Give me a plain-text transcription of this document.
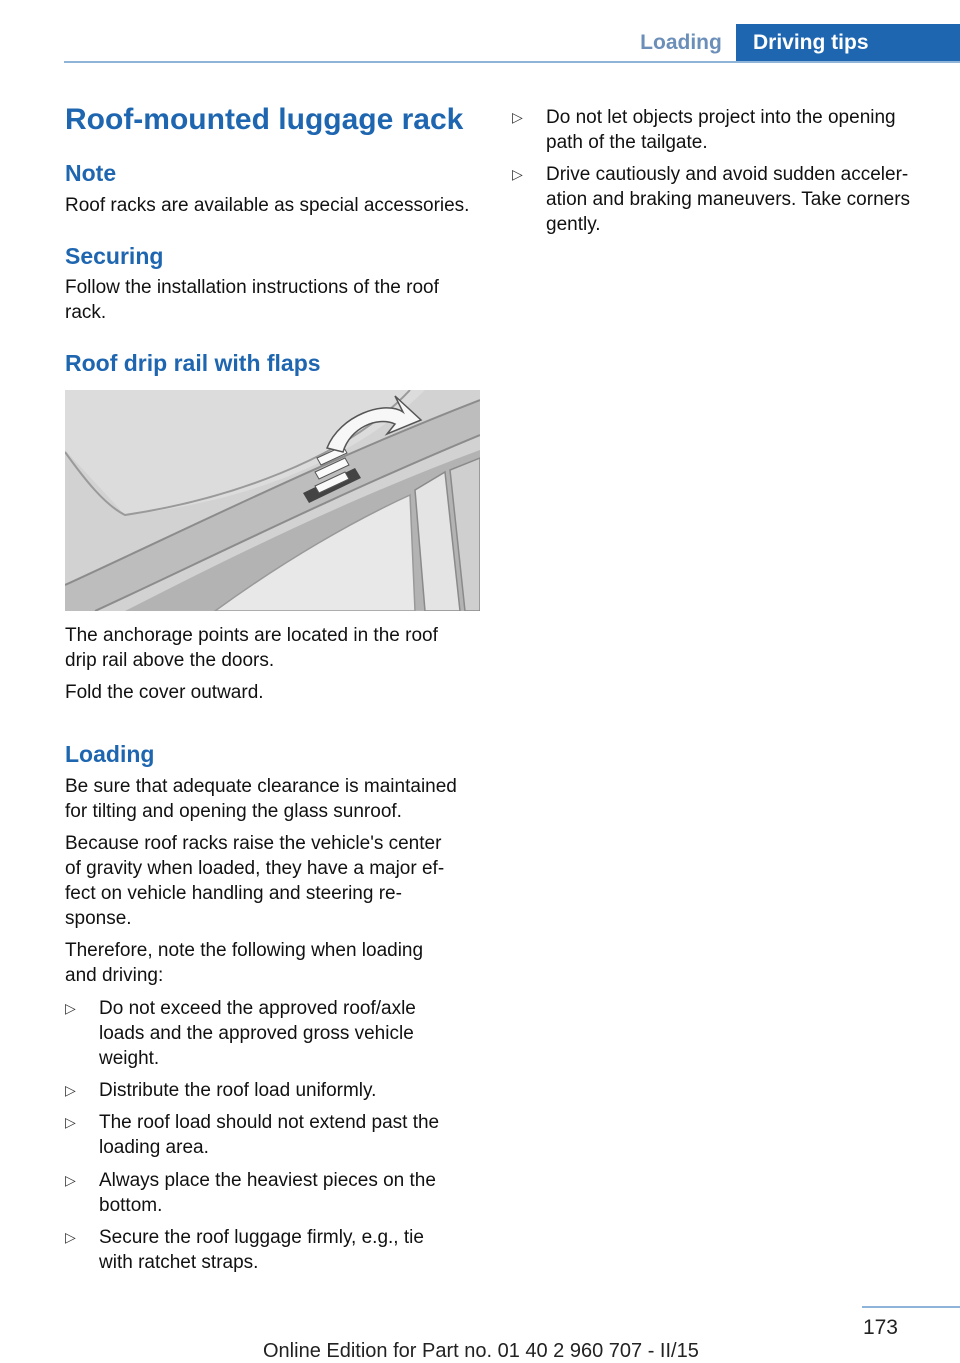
Loading	Driving tips
Roof-mounted luggage rack
Note

Roof racks are available as special accessories.

Securing

Follow the installation instructions of the roof

rack.

Roof drip rail with flaps

The anchorage points are located in the roof

drip rail above the doors.

Fold the cover outward.

Loading

Be sure that adequate clearance is maintained

for tilting and opening the glass sunroof.

Because roof racks raise the vehicle's center

of gravity when loaded, they have a major ef-

fect on vehicle handling and steering re-

sponse.

Therefore, note the following when loading

and driving:

▷ Do not exceed the approved roof/axle
loads and the approved gross vehicle
weight.
▷ Distribute the roof load uniformly.
▷ The roof load should not extend past the
loading area.
▷ Always place the heaviest pieces on the
bottom.
▷ Secure the roof luggage firmly, e.g., tie
with ratchet straps.
▷ Do not let objects project into the opening
path of the tailgate.
▷ Drive cautiously and avoid sudden acceler-
ation and braking maneuvers. Take corners
gently.
173
Online Edition for Part no. 01 40 2 960 707 - II/15
